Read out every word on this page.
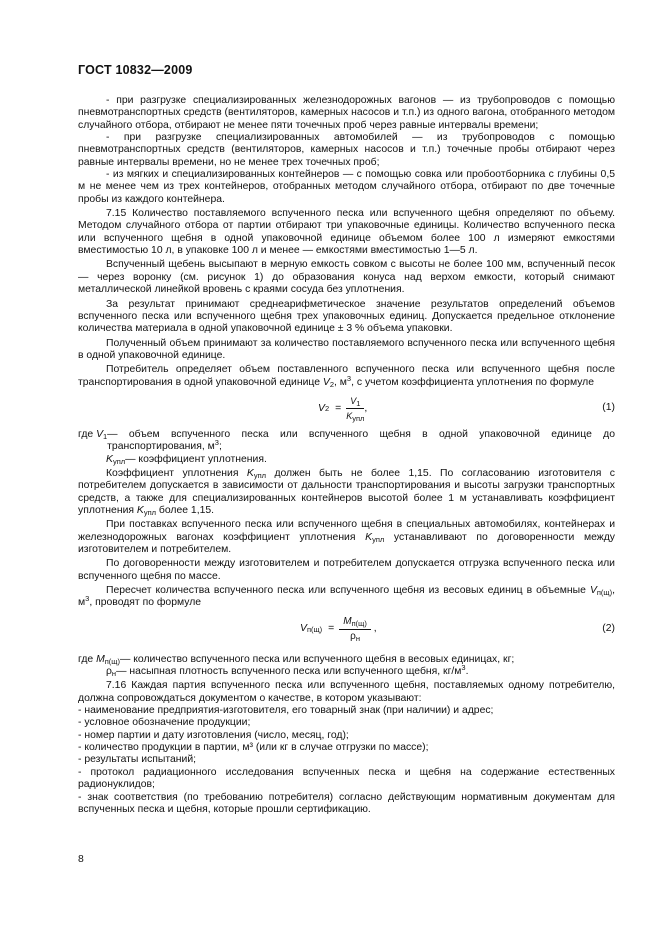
ГОСТ 10832—2009

- при разгрузке специализированных железнодорожных вагонов — из трубопроводов с помощью пневмотранспортных средств (вентиляторов, камерных насосов и т.п.) из одного вагона, отобранного методом случайного отбора, отбирают не менее пяти точечных проб через равные интервалы времени;

- при разгрузке специализированных автомобилей — из трубопроводов с помощью пневмотранспортных средств (вентиляторов, камерных насосов и т.п.) точечные пробы отбирают через равные интервалы времени, но не менее трех точечных проб;

- из мягких и специализированных контейнеров — с помощью совка или пробоотборника с глубины 0,5 м не менее чем из трех контейнеров, отобранных методом случайного отбора, отбирают по две точечные пробы из каждого контейнера.

7.15 Количество поставляемого вспученного песка или вспученного щебня определяют по объему. Методом случайного отбора от партии отбирают три упаковочные единицы. Количество вспученного песка или вспученного щебня в одной упаковочной единице объемом более 100 л измеряют емкостями вместимостью 10 л, в упаковке 100 л и менее — емкостями вместимостью 1—5 л.

Вспученный щебень высыпают в мерную емкость совком с высоты не более 100 мм, вспученный песок — через воронку (см. рисунок 1) до образования конуса над верхом емкости, который снимают металлической линейкой вровень с краями сосуда без уплотнения.

За результат принимают среднеарифметическое значение результатов определений объемов вспученного песка или вспученного щебня трех упаковочных единиц. Допускается предельное отклонение количества материала в одной упаковочной единице ± 3 % объема упаковки.

Полученный объем принимают за количество поставляемого вспученного песка или вспученного щебня в одной упаковочной единице.

Потребитель определяет объем поставленного вспученного песка или вспученного щебня после транспортирования в одной упаковочной единице $V_2$, $м^3$, с учетом коэффициента уплотнения по формуле

V $2 = \frac{V_1}{K_{упл}}$ ,	(1)
где $V_1$ — объем вспученного песка или вспученного щебня в одной упаковочной единице до транспортирования, $м^3$;
$K_{упл}$ — коэффициент уплотнения.

Коэффициент уплотнения $K_{упл}$ должен быть не более 1,15. По согласованию изготовителя с потребителем допускается в зависимости от дальности транспортирования и высоты загрузки транспортных средств, а также для специализированных контейнеров высотой более 1 м устанавливать коэффициент уплотнения $K_{упл}$ более 1,15.

При поставках вспученного песка или вспученного щебня в специальных автомобилях, контейнерах и железнодорожных вагонах коэффициент уплотнения $K_{упл}$ устанавливают по договоренности между изготовителем и потребителем.

По договоренности между изготовителем и потребителем допускается отгрузка вспученного песка или вспученного щебня по массе.

Пересчет количества вспученного песка или вспученного щебня из весовых единиц в объемные $V_{п(щ)}$, $м^3$, проводят по формуле

V $п(щ) = \frac{M_{п(щ)}}{\rho_н}$
,	(2)
где $M_{п(щ)}$ — количество вспученного песка или вспученного щебня в весовых единицах, кг;
$\rho_н$ — насыпная плотность вспученного песка или вспученного щебня, $кг/м^3$.

7.16 Каждая партия вспученного песка или вспученного щебня, поставляемых одному потребителю, должна сопровождаться документом о качестве, в котором указывают:

- наименование предприятия-изготовителя, его товарный знак (при наличии) и адрес;

- условное обозначение продукции;

- номер партии и дату изготовления (число, месяц, год);

- количество продукции в партии, м³ (или кг в случае отгрузки по массе);

- результаты испытаний;

- протокол радиационного исследования вспученных песка и щебня на содержание естественных радионуклидов;

- знак соответствия (по требованию потребителя) согласно действующим нормативным документам для вспученных песка и щебня, которые прошли сертификацию.

8
